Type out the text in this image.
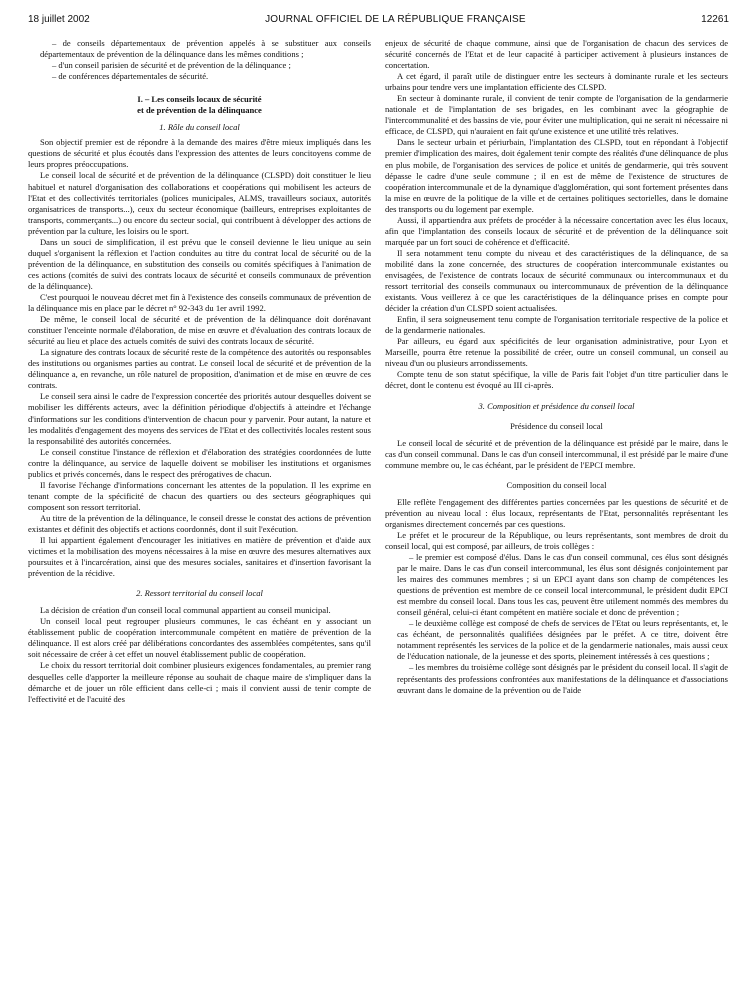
18 juillet 2002	JOURNAL OFFICIEL DE LA RÉPUBLIQUE FRANÇAISE	12261

– de conseils départementaux de prévention appelés à se substituer aux conseils départementaux de prévention de la délinquance dans les mêmes conditions ;

– d'un conseil parisien de sécurité et de prévention de la délinquance ;

– de conférences départementales de sécurité.

I. – Les conseils locaux de sécurité
et de prévention de la délinquance
1. Rôle du conseil local

Son objectif premier est de répondre à la demande des maires d'être mieux impliqués dans les questions de sécurité et plus écoutés dans l'expression des attentes de leurs concitoyens comme de leurs propres préoccupations.

Le conseil local de sécurité et de prévention de la délinquance (CLSPD) doit constituer le lieu habituel et naturel d'organisation des collaborations et coopérations qui mobilisent les acteurs de l'Etat et des collectivités territoriales (polices municipales, ALMS, travailleurs sociaux, autorités organisatrices de transports...), ceux du secteur économique (bailleurs, entreprises exploitantes de transports, commerçants...) ou encore du secteur social, qui contribuent à développer des actions de prévention par la culture, les loisirs ou le sport.

Dans un souci de simplification, il est prévu que le conseil devienne le lieu unique au sein duquel s'organisent la réflexion et l'action conduites au titre du contrat local de sécurité ou de la prévention de la délinquance, en substitution des conseils ou comités spécifiques à l'animation de ces actions (comités de suivi des contrats locaux de sécurité et conseils communaux de prévention de la délinquance).

C'est pourquoi le nouveau décret met fin à l'existence des conseils communaux de prévention de la délinquance mis en place par le décret n° 92-343 du 1er avril 1992.

De même, le conseil local de sécurité et de prévention de la délinquance doit dorénavant constituer l'enceinte normale d'élaboration, de mise en œuvre et d'évaluation des contrats locaux de sécurité au lieu et place des actuels comités de suivi des contrats locaux de sécurité.

La signature des contrats locaux de sécurité reste de la compétence des autorités ou responsables des institutions ou organismes parties au contrat. Le conseil local de sécurité et de prévention de la délinquance a, en revanche, un rôle naturel de proposition, d'animation et de mise en œuvre de ces contrats.

Le conseil sera ainsi le cadre de l'expression concertée des priorités autour desquelles doivent se mobiliser les différents acteurs, avec la définition périodique d'objectifs à atteindre et l'échange d'informations sur les conditions d'intervention de chacun pour y parvenir. Pour autant, la nature et les modalités d'engagement des moyens des services de l'Etat et des collectivités locales restent sous la responsabilité des autorités concernées.

Le conseil constitue l'instance de réflexion et d'élaboration des stratégies coordonnées de lutte contre la délinquance, au service de laquelle doivent se mobiliser les institutions et organismes publics et privés concernés, dans le respect des prérogatives de chacun.

Il favorise l'échange d'informations concernant les attentes de la population. Il les exprime en tenant compte de la spécificité de chacun des quartiers ou des secteurs géographiques qui composent son ressort territorial.

Au titre de la prévention de la délinquance, le conseil dresse le constat des actions de prévention existantes et définit des objectifs et actions coordonnés, dont il suit l'exécution.

Il lui appartient également d'encourager les initiatives en matière de prévention et d'aide aux victimes et la mobilisation des moyens nécessaires à la mise en œuvre des mesures alternatives aux poursuites et à l'incarcération, ainsi que des mesures sociales, sanitaires et d'insertion favorisant la prévention de la récidive.

2. Ressort territorial du conseil local

La décision de création d'un conseil local communal appartient au conseil municipal.

Un conseil local peut regrouper plusieurs communes, le cas échéant en y associant un établissement public de coopération intercommunale compétent en matière de prévention de la délinquance. Il est alors créé par délibérations concordantes des assemblées compétentes, sans qu'il soit nécessaire de créer à cet effet un nouvel établissement public de coopération.

Le choix du ressort territorial doit combiner plusieurs exigences fondamentales, au premier rang desquelles celle d'apporter la meilleure réponse au souhait de chaque maire de s'impliquer dans la démarche et de jouer un rôle efficient dans celle-ci ; mais il convient aussi de tenir compte de l'effectivité et de l'acuité des

enjeux de sécurité de chaque commune, ainsi que de l'organisation de chacun des services de sécurité concernés de l'Etat et de leur capacité à participer activement à plusieurs instances de concertation.

A cet égard, il paraît utile de distinguer entre les secteurs à dominante rurale et les secteurs urbains pour tendre vers une implantation efficiente des CLSPD.

En secteur à dominante rurale, il convient de tenir compte de l'organisation de la gendarmerie nationale et de l'implantation de ses brigades, en les combinant avec la géographie de l'intercommunalité et des bassins de vie, pour éviter une multiplication, qui ne serait ni nécessaire ni efficace, de CLSPD, qui n'auraient en fait qu'une existence et une utilité très relatives.

Dans le secteur urbain et périurbain, l'implantation des CLSPD, tout en répondant à l'objectif premier d'implication des maires, doit également tenir compte des réalités d'une délinquance de plus en plus mobile, de l'organisation des services de police et unités de gendarmerie, qui très souvent dépasse le cadre d'une seule commune ; il en est de même de l'existence de structures de coopération intercommunale et de la dynamique d'agglomération, qui sont fortement présentes dans la mise en œuvre de la politique de la ville et de certaines politiques sectorielles, dans le domaine des transports ou du logement par exemple.

Aussi, il appartiendra aux préfets de procéder à la nécessaire concertation avec les élus locaux, afin que l'implantation des conseils locaux de sécurité et de prévention de la délinquance soit marquée par un fort souci de cohérence et d'efficacité.

Il sera notamment tenu compte du niveau et des caractéristiques de la délinquance, de sa mobilité dans la zone concernée, des structures de coopération intercommunale existantes ou envisagées, de l'existence de contrats locaux de sécurité communaux ou intercommunaux et du ressort territorial des conseils communaux ou intercommunaux de prévention de la délinquance existants. Vous veillerez à ce que les caractéristiques de la délinquance prises en compte pour décider la création d'un CLSPD soient actualisées.

Enfin, il sera soigneusement tenu compte de l'organisation territoriale respective de la police et de la gendarmerie nationales.

Par ailleurs, eu égard aux spécificités de leur organisation administrative, pour Lyon et Marseille, pourra être retenue la possibilité de créer, outre un conseil communal, un conseil au niveau d'un ou plusieurs arrondissements.

Compte tenu de son statut spécifique, la ville de Paris fait l'objet d'un titre particulier dans le décret, dont le contenu est évoqué au III ci-après.

3. Composition et présidence du conseil local
Présidence du conseil local

Le conseil local de sécurité et de prévention de la délinquance est présidé par le maire, dans le cas d'un conseil communal. Dans le cas d'un conseil intercommunal, il est présidé par le maire d'une commune membre ou, le cas échéant, par le président de l'EPCI membre.

Composition du conseil local

Elle reflète l'engagement des différentes parties concernées par les questions de sécurité et de prévention au niveau local : élus locaux, représentants de l'Etat, personnalités représentant les organismes directement concernés par ces questions.

Le préfet et le procureur de la République, ou leurs représentants, sont membres de droit du conseil local, qui est composé, par ailleurs, de trois collèges :

– le premier est composé d'élus. Dans le cas d'un conseil communal, ces élus sont désignés par le maire. Dans le cas d'un conseil intercommunal, les élus sont désignés conjointement par les maires des communes membres ; si un EPCI ayant dans son champ de compétences les questions de prévention est membre de ce conseil local intercommunal, le président dudit EPCI est membre du conseil local. Dans tous les cas, peuvent être utilement nommés des membres du conseil général, celui-ci étant compétent en matière sociale et donc de prévention ;

– le deuxième collège est composé de chefs de services de l'Etat ou leurs représentants, et, le cas échéant, de personnalités qualifiées désignées par le préfet. A ce titre, doivent être notamment représentés les services de la police et de la gendarmerie nationales, mais aussi ceux de l'éducation nationale, de la jeunesse et des sports, pleinement intéressés à ces questions ;

– les membres du troisième collège sont désignés par le président du conseil local. Il s'agit de représentants des professions confrontées aux manifestations de la délinquance et d'associations œuvrant dans le domaine de la prévention ou de l'aide
